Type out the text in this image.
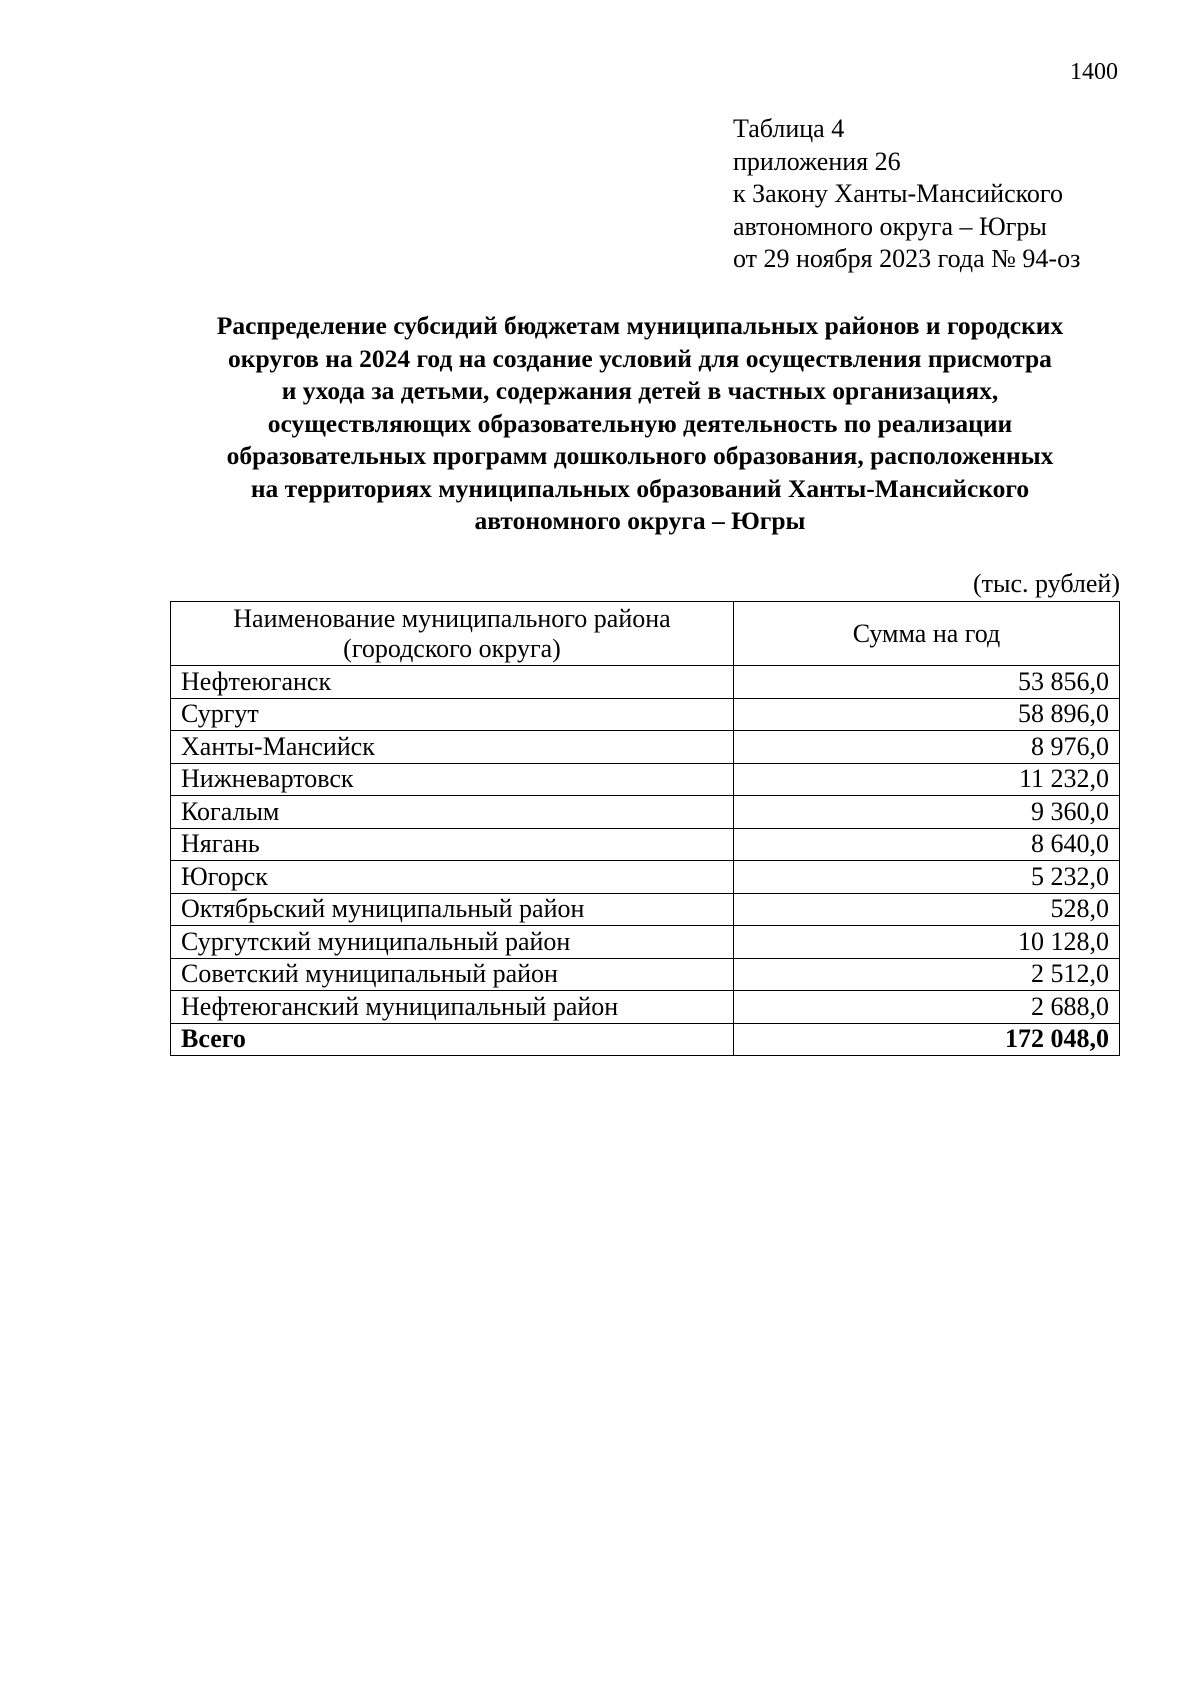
1400
Таблица 4
приложения 26
к Закону Ханты-Мансийского
автономного округа – Югры
от 29 ноября 2023 года № 94-оз
Распределение субсидий бюджетам муниципальных районов и городских
округов на 2024 год на создание условий для осуществления присмотра
и ухода за детьми, содержания детей в частных организациях,
осуществляющих образовательную деятельность по реализации
образовательных программ дошкольного образования, расположенных
на территориях муниципальных образований Ханты-Мансийского
автономного округа – Югры
(тыс. рублей)
Наименование муниципального района
(городского округа)	Сумма на год
Нефтеюганск	53 856,0
Сургут	58 896,0
Ханты-Мансийск	8 976,0
Нижневартовск	11 232,0
Когалым	9 360,0
Нягань	8 640,0
Югорск	5 232,0
Октябрьский муниципальный район	528,0
Сургутский муниципальный район	10 128,0
Советский муниципальный район	2 512,0
Нефтеюганский муниципальный район	2 688,0
Всего	172 048,0
